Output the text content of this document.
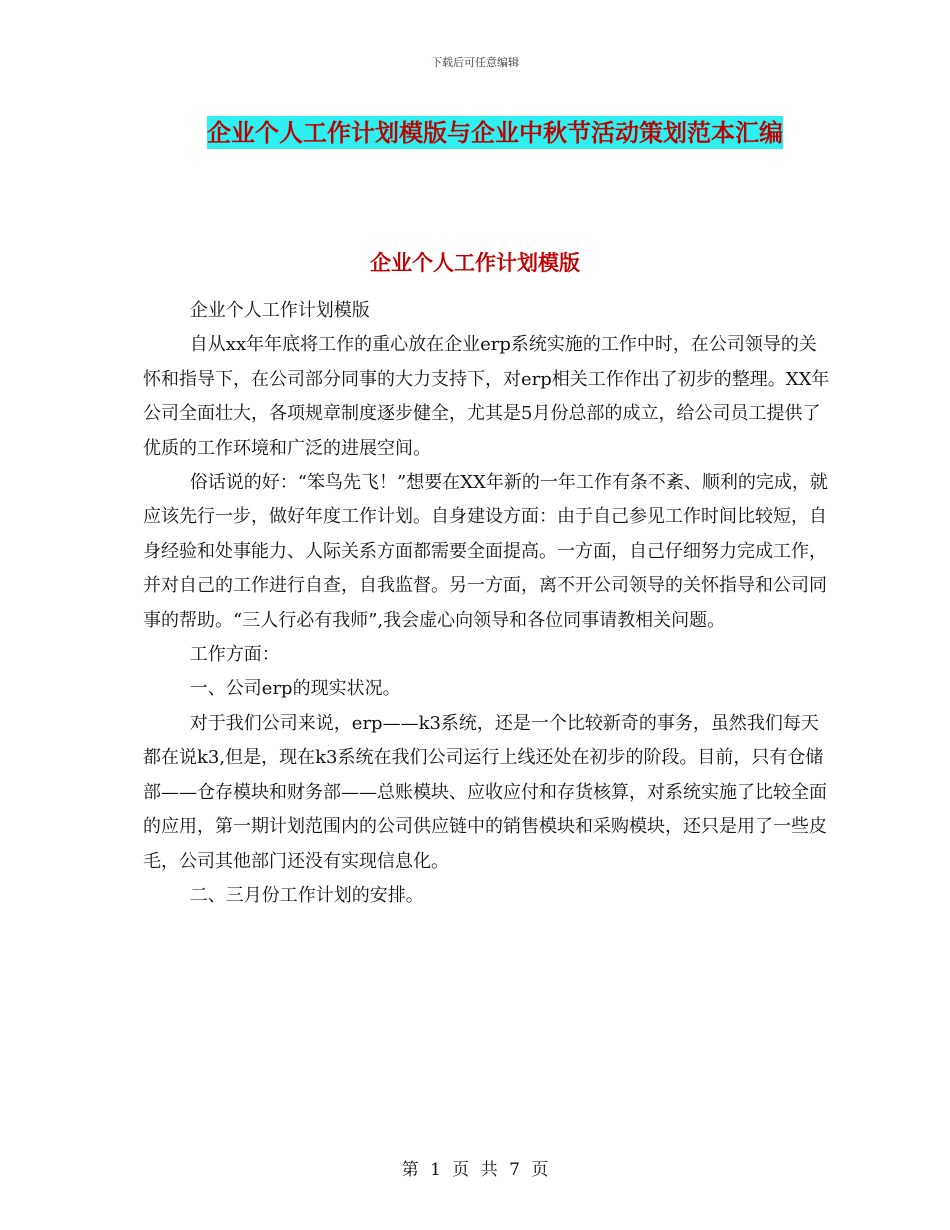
下载后可任意编辑
企业个人工作计划模版与企业中秋节活动策划范本汇编
企业个人工作计划模版

企业个人工作计划模版

自从xx年年底将工作的重心放在企业erp系统实施的工作中时，在公司领导的关怀和指导下，在公司部分同事的大力支持下，对erp相关工作作出了初步的整理。XX年公司全面壮大，各项规章制度逐步健全，尤其是5月份总部的成立，给公司员工提供了优质的工作环境和广泛的进展空间。

俗话说的好：“笨鸟先飞！”想要在XX年新的一年工作有条不紊、顺利的完成，就应该先行一步，做好年度工作计划。自身建设方面：由于自己参见工作时间比较短，自身经验和处事能力、人际关系方面都需要全面提高。一方面，自己仔细努力完成工作，并对自己的工作进行自查，自我监督。另一方面，离不开公司领导的关怀指导和公司同事的帮助。“三人行必有我师”,我会虚心向领导和各位同事请教相关问题。

工作方面：

一、公司erp的现实状况。

对于我们公司来说，erp——k3系统，还是一个比较新奇的事务，虽然我们每天都在说k3,但是，现在k3系统在我们公司运行上线还处在初步的阶段。目前，只有仓储部——仓存模块和财务部——总账模块、应收应付和存货核算，对系统实施了比较全面的应用，第一期计划范围内的公司供应链中的销售模块和采购模块，还只是用了一些皮毛，公司其他部门还没有实现信息化。

二、三月份工作计划的安排。

第 1 页 共 7 页
